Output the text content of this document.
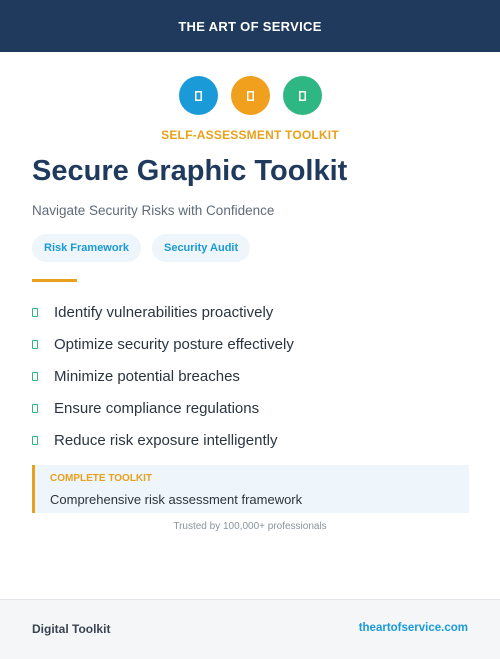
THE ART OF SERVICE
SELF-ASSESSMENT TOOLKIT
Secure Graphic Toolkit
Navigate Security Risks with Confidence
Risk Framework	Security Audit
Identify vulnerabilities proactively
Optimize security posture effectively
Minimize potential breaches
Ensure compliance regulations
Reduce risk exposure intelligently
COMPLETE TOOLKIT
Comprehensive risk assessment framework
Trusted by 100,000+ professionals
Digital Toolkit	theartofservice.com
